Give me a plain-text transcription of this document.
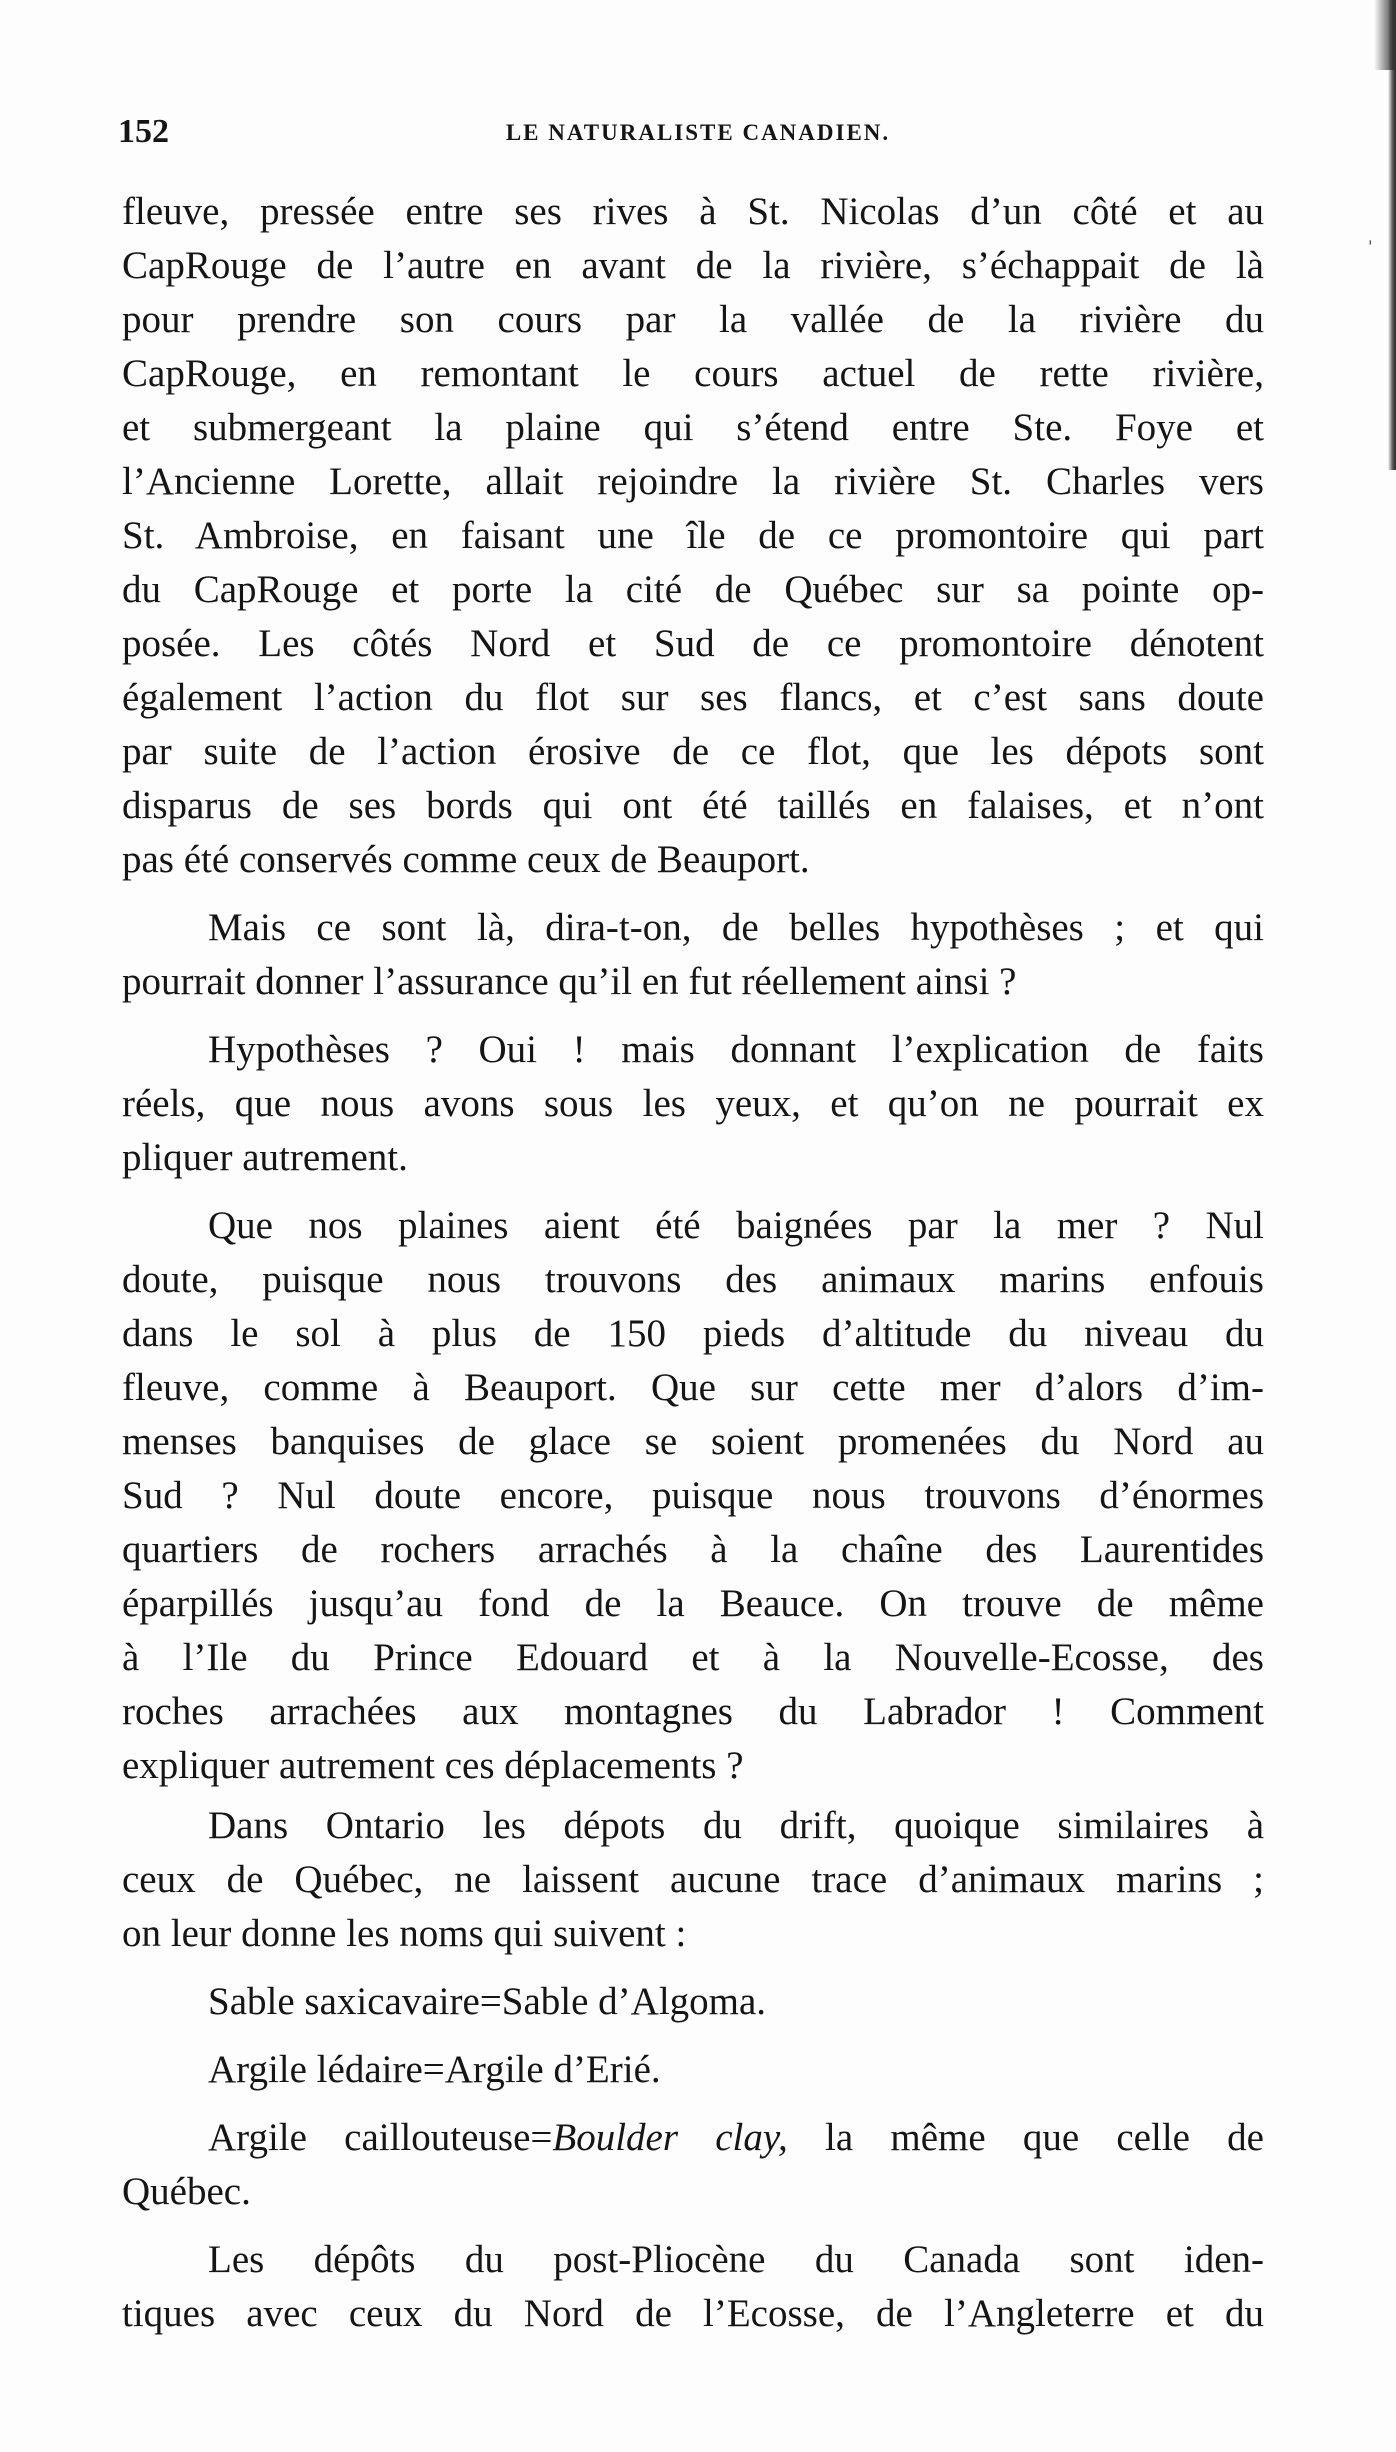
152	LE NATURALISTE CANADIEN.
fleuve, pressée entre ses rives à St. Nicolas d’un côté et au
CapRouge de l’autre en avant de la rivière, s’échappait de là
pour prendre son cours par la vallée de la rivière du
CapRouge, en remontant le cours actuel de rette rivière,
et submergeant la plaine qui s’étend entre Ste. Foye et
l’Ancienne Lorette, allait rejoindre la rivière St. Charles vers
St. Ambroise, en faisant une île de ce promontoire qui part
du CapRouge et porte la cité de Québec sur sa pointe op-
posée. Les côtés Nord et Sud de ce promontoire dénotent
également l’action du flot sur ses flancs, et c’est sans doute
par suite de l’action érosive de ce flot, que les dépots sont
disparus de ses bords qui ont été taillés en falaises, et n’ont
pas été conservés comme ceux de Beauport.
Mais ce sont là, dira-t-on, de belles hypothèses ; et qui
pourrait donner l’assurance qu’il en fut réellement ainsi ?
Hypothèses ? Oui ! mais donnant l’explication de faits
réels, que nous avons sous les yeux, et qu’on ne pourrait ex
pliquer autrement.
Que nos plaines aient été baignées par la mer ? Nul
doute, puisque nous trouvons des animaux marins enfouis
dans le sol à plus de 150 pieds d’altitude du niveau du
fleuve, comme à Beauport. Que sur cette mer d’alors d’im-
menses banquises de glace se soient promenées du Nord au
Sud ? Nul doute encore, puisque nous trouvons d’énormes
quartiers de rochers arrachés à la chaîne des Laurentides
éparpillés jusqu’au fond de la Beauce. On trouve de même
à l’Ile du Prince Edouard et à la Nouvelle-Ecosse, des
roches arrachées aux montagnes du Labrador ! Comment
expliquer autrement ces déplacements ?
Dans Ontario les dépots du drift, quoique similaires à
ceux de Québec, ne laissent aucune trace d’animaux marins ;
on leur donne les noms qui suivent :
Sable saxicavaire=Sable d’Algoma.
Argile lédaire=Argile d’Erié.
Argile caillouteuse=Boulder clay, la même que celle de
Québec.
Les dépôts du post-Pliocène du Canada sont iden-
tiques avec ceux du Nord de l’Ecosse, de l’Angleterre et du
ˈ
